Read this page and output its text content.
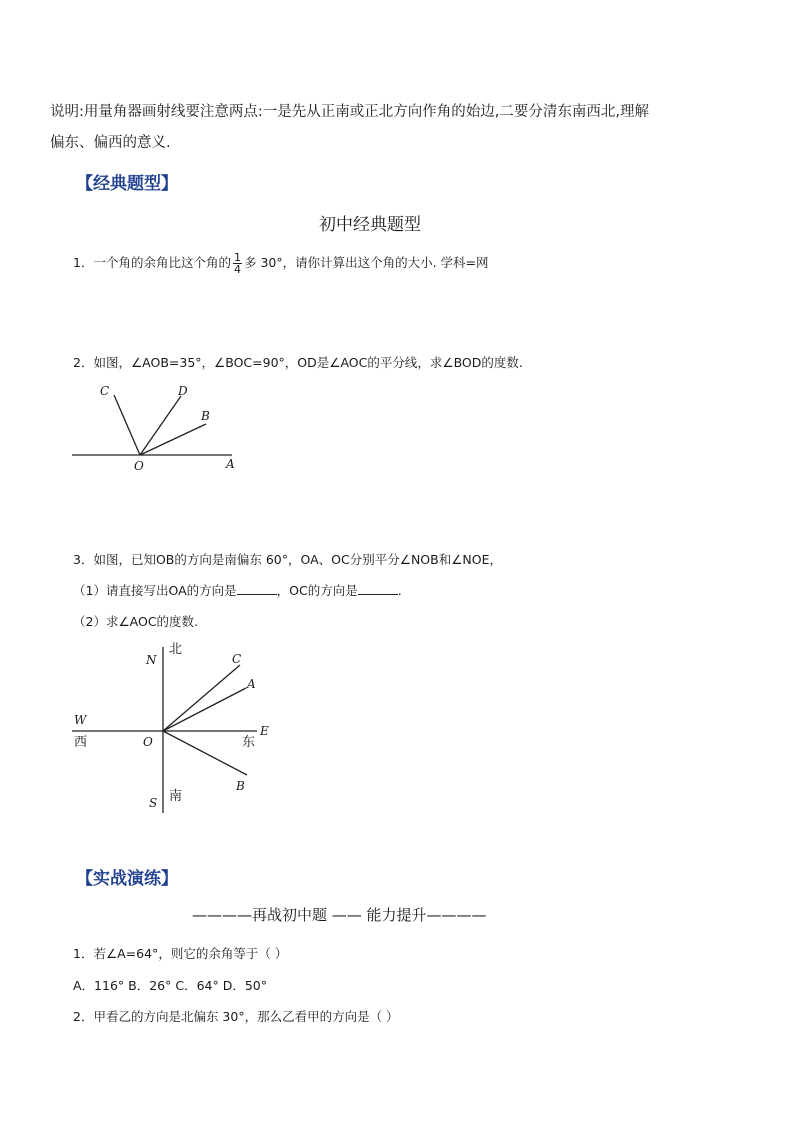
说明:用量角器画射线要注意两点:一是先从正南或正北方向作角的始边,二要分清东南西北,理解
偏东、偏西的意义.
【经典题型】
初中经典题型
1．一个角的余角比这个角的 $\frac{1}{4}$ 多 30°，请你计算出这个角的大小. 学科=网
2．如图，∠AOB=35°，∠BOC=90°，OD是∠AOC的平分线，求∠BOD的度数.
C	D
B
O	A
3．如图，已知OB的方向是南偏东 60°，OA、OC分别平分∠NOB和∠NOE，
（1）请直接写出OA的方向是	，OC的方向是	.
（2）求∠AOC的度数.
N
北
C
A
W
西	O	东
E
B
S 南
【实战演练】
————再战初中题 —— 能力提升————
1．若∠A=64°，则它的余角等于（ ）
A．116° B．26° C．64° D．50°
2．甲看乙的方向是北偏东 30°，那么乙看甲的方向是（ ）
